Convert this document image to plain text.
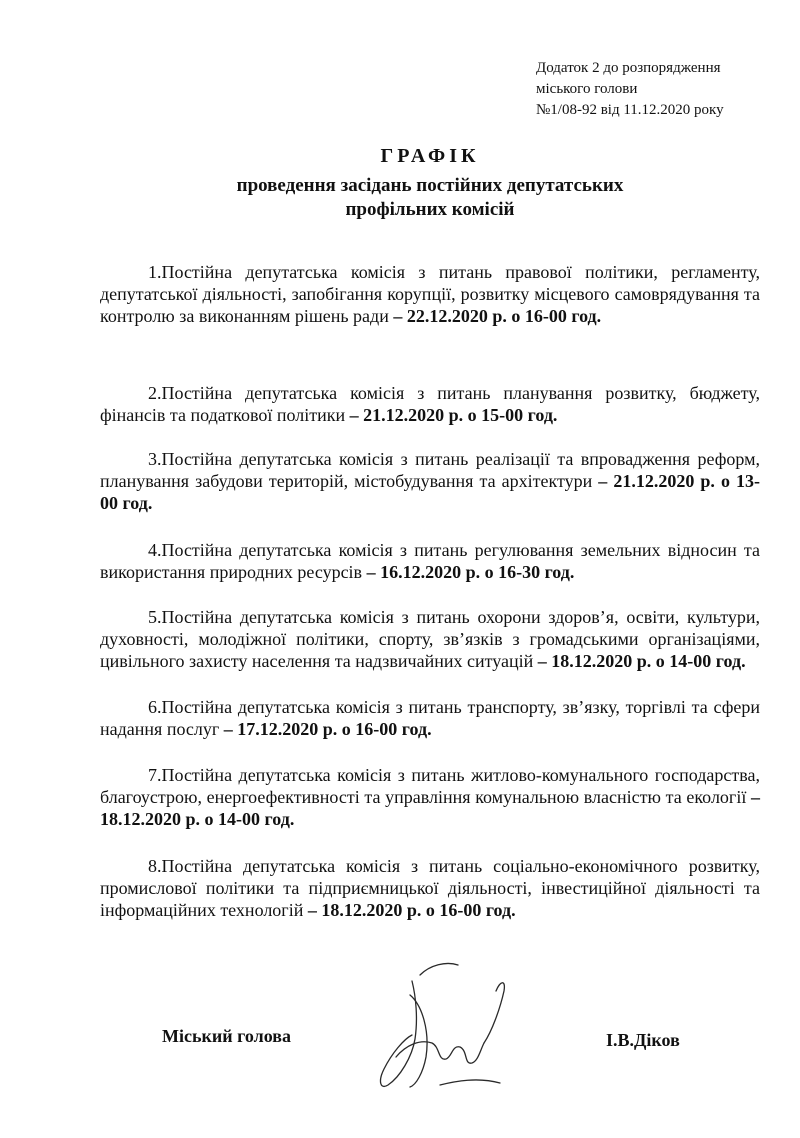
Додаток 2 до розпорядження
міського голови
№1/08-92 від 11.12.2020 року
ГРАФІК
проведення засідань постійних депутатських
профільних комісій

1.Постійна депутатська комісія з питань правової політики, регламенту, депутатської діяльності, запобігання корупції, розвитку місцевого самоврядування та контролю за виконанням рішень ради – 22.12.2020 р. о 16-00 год.

2.Постійна депутатська комісія з питань планування розвитку, бюджету, фінансів та податкової політики – 21.12.2020 р. о 15-00 год.

3.Постійна депутатська комісія з питань реалізації та впровадження реформ, планування забудови територій, містобудування та архітектури – 21.12.2020 р. о 13-00 год.

4.Постійна депутатська комісія з питань регулювання земельних відносин та використання природних ресурсів – 16.12.2020 р. о 16-30 год.

5.Постійна депутатська комісія з питань охорони здоров’я, освіти, культури, духовності, молодіжної політики, спорту, зв’язків з громадськими організаціями, цивільного захисту населення та надзвичайних ситуацій – 18.12.2020 р. о 14-00 год.

6.Постійна депутатська комісія з питань транспорту, зв’язку, торгівлі та сфери надання послуг – 17.12.2020 р. о 16-00 год.

7.Постійна депутатська комісія з питань житлово-комунального господарства, благоустрою, енергоефективності та управління комунальною власністю та екології – 18.12.2020 р. о 14-00 год.

8.Постійна депутатська комісія з питань соціально-економічного розвитку, промислової політики та підприємницької діяльності, інвестиційної діяльності та інформаційних технологій – 18.12.2020 р. о 16-00 год.

Міський голова	І.В.Діков
